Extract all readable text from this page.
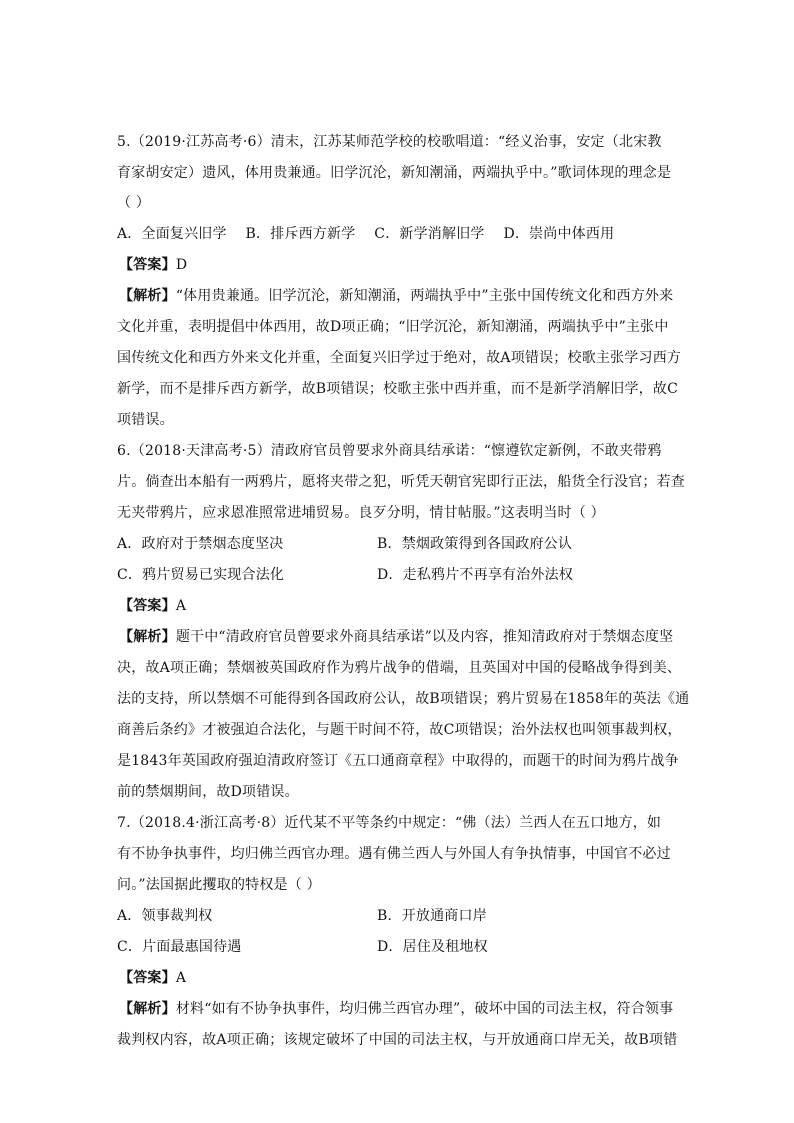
5.（2019·江苏高考·6）清末，江苏某师范学校的校歌唱道：“经义治事，安定（北宋教
育家胡安定）遗风，体用贵兼通。旧学沉沦，新知潮涌，两端执乎中。”歌词体现的理念是
（ ）
A．全面复兴旧学　 B．排斥西方新学　 C．新学消解旧学　 D．崇尚中体西用
【答案】D
【解析】“体用贵兼通。旧学沉沦，新知潮涌，两端执乎中”主张中国传统文化和西方外来
文化并重，表明提倡中体西用，故D项正确；“旧学沉沦，新知潮涌，两端执乎中”主张中
国传统文化和西方外来文化并重，全面复兴旧学过于绝对，故A项错误；校歌主张学习西方
新学，而不是排斥西方新学，故B项错误；校歌主张中西并重，而不是新学消解旧学，故C
项错误。
6.（2018·天津高考·5）清政府官员曾要求外商具结承诺：“懔遵钦定新例，不敢夹带鸦
片。倘查出本船有一两鸦片，愿将夹带之犯，听凭天朝官宪即行正法，船货全行没官；若查
无夹带鸦片，应求恩准照常进埔贸易。良歹分明，情甘帖服。”这表明当时（ ）
A．政府对于禁烟态度坚决	B．禁烟政策得到各国政府公认
C．鸦片贸易已实现合法化	D．走私鸦片不再享有治外法权
【答案】A
【解析】题干中“清政府官员曾要求外商具结承诺”以及内容，推知清政府对于禁烟态度坚
决，故A项正确；禁烟被英国政府作为鸦片战争的借端，且英国对中国的侵略战争得到美、
法的支持，所以禁烟不可能得到各国政府公认，故B项错误；鸦片贸易在1858年的英法《通
商善后条约》才被强迫合法化，与题干时间不符，故C项错误；治外法权也叫领事裁判权，
是1843年英国政府强迫清政府签订《五口通商章程》中取得的，而题干的时间为鸦片战争
前的禁烟期间，故D项错误。
7.（2018.4·浙江高考·8）近代某不平等条约中规定：“佛（法）兰西人在五口地方，如
有不协争执事件，均归佛兰西官办理。遇有佛兰西人与外国人有争执情事，中国官不必过
问。”法国据此攫取的特权是（ ）
A．领事裁判权	B．开放通商口岸
C．片面最惠国待遇	D．居住及租地权
【答案】A
【解析】材料“如有不协争执事件，均归佛兰西官办理”，破坏中国的司法主权，符合领事
裁判权内容，故A项正确；该规定破坏了中国的司法主权，与开放通商口岸无关，故B项错
